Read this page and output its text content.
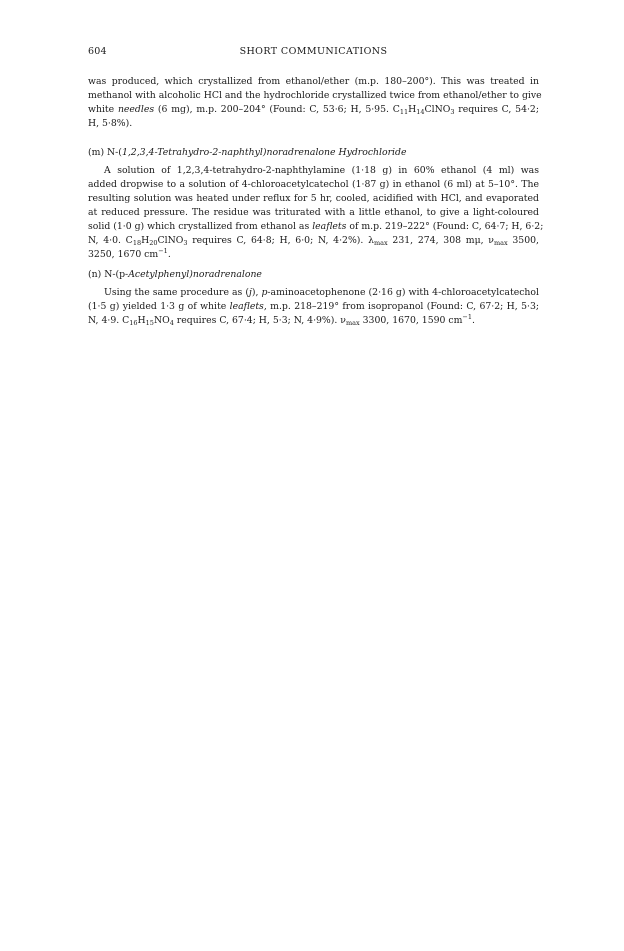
604	SHORT COMMUNICATIONS
was produced, which crystallized from ethanol/ether (m.p. 180–200°). This was treated in
methanol with alcoholic HCl and the hydrochloride crystallized twice from ethanol/ether to give
white needles (6 mg), m.p. 200–204° (Found: C, 53·6; H, 5·95. $C_{11}H_{14}ClNO_3$ requires C, 54·2;
H, 5·8%).
(m) N-(1,2,3,4-Tetrahydro-2-naphthyl)noradrenalone Hydrochloride
A solution of 1,2,3,4-tetrahydro-2-naphthylamine (1·18 g) in 60% ethanol (4 ml) was
added dropwise to a solution of 4-chloroacetylcatechol (1·87 g) in ethanol (6 ml) at 5–10°. The
resulting solution was heated under reflux for 5 hr, cooled, acidified with HCl, and evaporated
at reduced pressure. The residue was triturated with a little ethanol, to give a light-coloured
solid (1·0 g) which crystallized from ethanol as leaflets of m.p. 219–222° (Found: C, 64·7; H, 6·2;
N, 4·0. $C_{18}H_{20}ClNO_3$ requires C, 64·8; H, 6·0; N, 4·2%). $\lambda_{max}$ 231, 274, 308 mμ, $\nu_{max}$ 3500,
3250, 1670 $cm^{-1}$.
(n) N-(p-Acetylphenyl)noradrenalone
Using the same procedure as (j), p-aminoacetophenone (2·16 g) with 4-chloroacetylcatechol
(1·5 g) yielded 1·3 g of white leaflets, m.p. 218–219° from isopropanol (Found: C, 67·2; H, 5·3;
N, 4·9. $C_{16}H_{15}NO_4$ requires C, 67·4; H, 5·3; N, 4·9%). $\nu_{max}$ 3300, 1670, 1590 $cm^{-1}$.
